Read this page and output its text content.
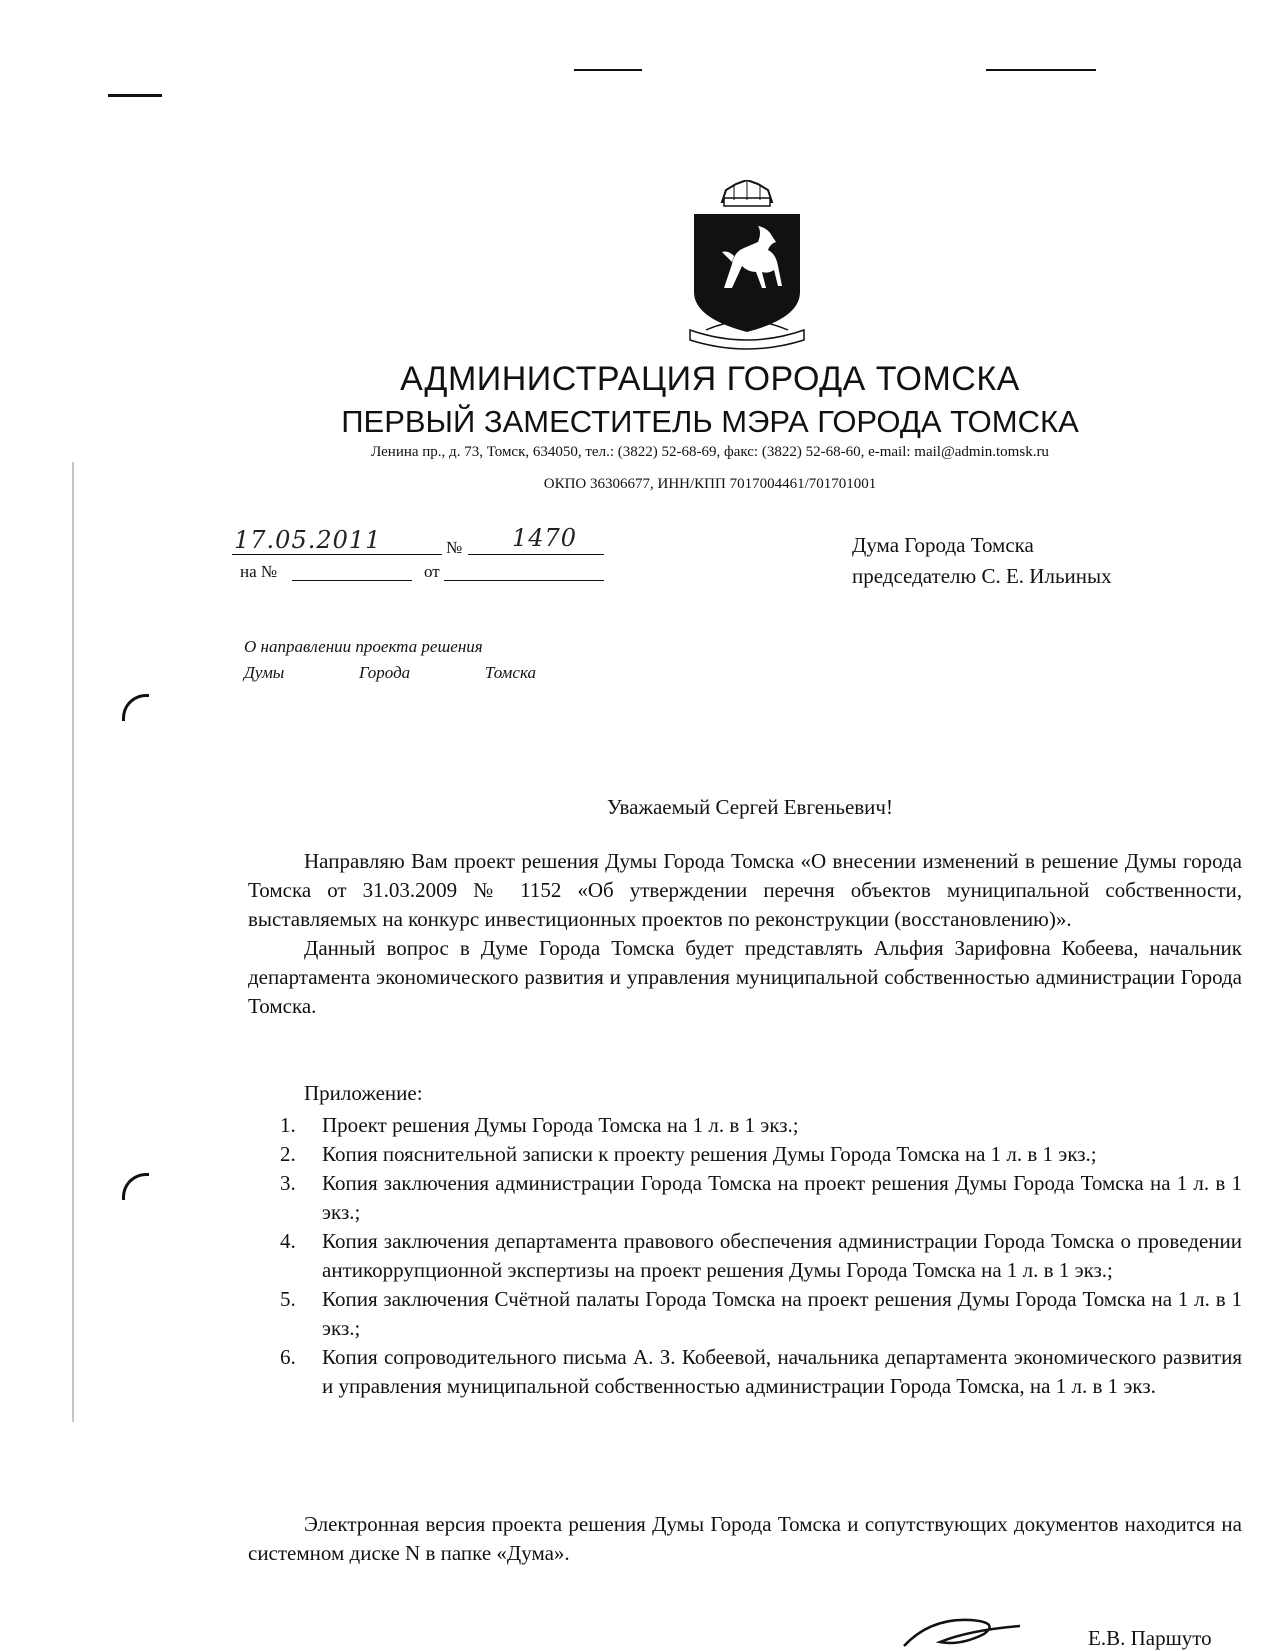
АДМИНИСТРАЦИЯ ГОРОДА ТОМСКА
ПЕРВЫЙ ЗАМЕСТИТЕЛЬ МЭРА ГОРОДА ТОМСКА
Ленина пр., д. 73, Томск, 634050, тел.: (3822) 52-68-69, факс: (3822) 52-68-60, e-mail: mail@admin.tomsk.ru
ОКПО 36306677, ИНН/КПП 7017004461/701701001
17.05.2011	№ 1470
на №	от
Дума Города Томска
председателю С. Е. Ильиных
О направлении проекта решения
Думы	Города	Томска
Уважаемый Сергей Евгеньевич!

Направляю Вам проект решения Думы Города Томска «О внесении изменений в решение Думы города Томска от 31.03.2009 № 1152 «Об утверждении перечня объектов муниципальной собственности, выставляемых на конкурс инвестиционных проектов по реконструкции (восстановлению)».

Данный вопрос в Думе Города Томска будет представлять Альфия Зарифовна Кобеева, начальник департамента экономического развития и управления муниципальной собственностью администрации Города Томска.

Приложение:
1.	Проект решения Думы Города Томска на 1 л. в 1 экз.;
2.	Копия пояснительной записки к проекту решения Думы Города Томска на 1 л. в 1 экз.;
3.	Копия заключения администрации Города Томска на проект решения Думы Города Томска на 1 л. в 1 экз.;
4.	Копия заключения департамента правового обеспечения администрации Города Томска о проведении антикоррупционной экспертизы на проект решения Думы Города Томска на 1 л. в 1 экз.;
5.	Копия заключения Счётной палаты Города Томска на проект решения Думы Города Томска на 1 л. в 1 экз.;
6.	Копия сопроводительного письма А. З. Кобеевой, начальника департамента экономического развития и управления муниципальной собственностью администрации Города Томска, на 1 л. в 1 экз.

Электронная версия проекта решения Думы Города Томска и сопутствующих документов находится на системном диске N в папке «Дума».

Е.В. Паршуто
